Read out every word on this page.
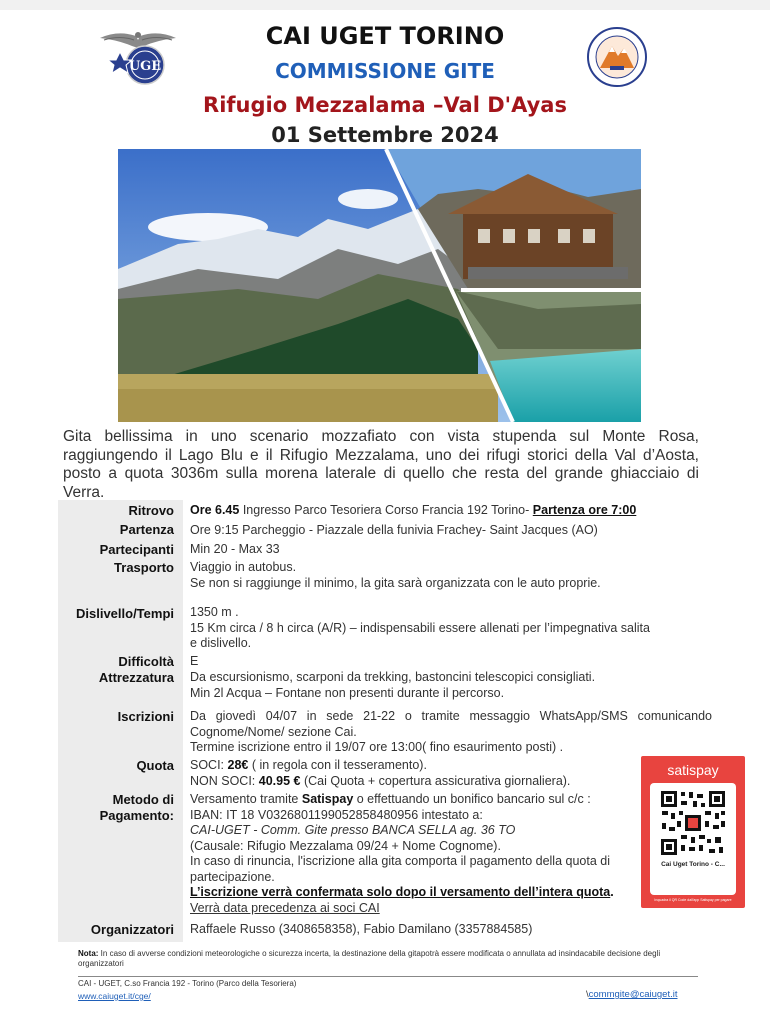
UGE
CAI UGET TORINO
COMMISSIONE GITE
Rifugio Mezzalama –Val D'Ayas
01 Settembre 2024
Gita bellissima in uno scenario mozzafiato con vista stupenda sul Monte Rosa, raggiungendo il Lago Blu e il Rifugio Mezzalama, uno dei rifugi storici della Val d’Aosta, posto a quota 3036m sulla morena laterale di quello che resta del grande ghiacciaio di Verra.
Ritrovo Ore 6.45 Ingresso Parco Tesoriera Corso Francia 192 Torino- Partenza ore 7:00
Partenza Ore 9:15 Parcheggio - Piazzale della funivia Frachey- Saint Jacques (AO)
Partecipanti Min 20 - Max 33
Trasporto Viaggio in autobus.
Se non si raggiunge il minimo, la gita sarà organizzata con le auto proprie.
Dislivello/Tempi 1350 m .
15 Km circa / 8 h circa (A/R) – indispensabili essere allenati per l’impegnativa salita e dislivello.
Difficoltà E
Attrezzatura Da escursionismo, scarponi da trekking, bastoncini telescopici consigliati.
Min 2l Acqua – Fontane non presenti durante il percorso.
Iscrizioni Da giovedì 04/07 in sede 21-22 o tramite messaggio WhatsApp/SMS comunicando Cognome/Nome/ sezione Cai.
Termine iscrizione entro il 19/07 ore 13:00( fino esaurimento posti) .
Quota SOCI: 28€ ( in regola con il tesseramento).
NON SOCI: 40.95 € (Cai Quota + copertura assicurativa giornaliera).
Metodo di
Pagamento:
Versamento tramite Satispay o effettuando un bonifico bancario sul c/c :
IBAN: IT 18 V0326801199052858480956 intestato a:
CAI-UGET - Comm. Gite presso BANCA SELLA ag. 36 TO
(Causale: Rifugio Mezzalama 09/24 + Nome Cognome).
In caso di rinuncia, l'iscrizione alla gita comporta il pagamento della quota di partecipazione.
L’iscrizione verrà confermata solo dopo il versamento dell’intera quota.
Verrà data precedenza ai soci CAI
Organizzatori Raffaele Russo (3408658358), Fabio Damilano (3357884585)
satispay
Cai Uget Torino - C...
Inquadra il QR Code dall'app Satispay per pagare
Nota: In caso di avverse condizioni meteorologiche o sicurezza incerta, la destinazione della gitapotrà essere modificata o annullata ad insindacabile decisione degli organizzatori
CAI - UGET, C.so Francia 192 - Torino (Parco della Tesoriera)
www.caiuget.it/cge/	\commgite@caiuget.it
